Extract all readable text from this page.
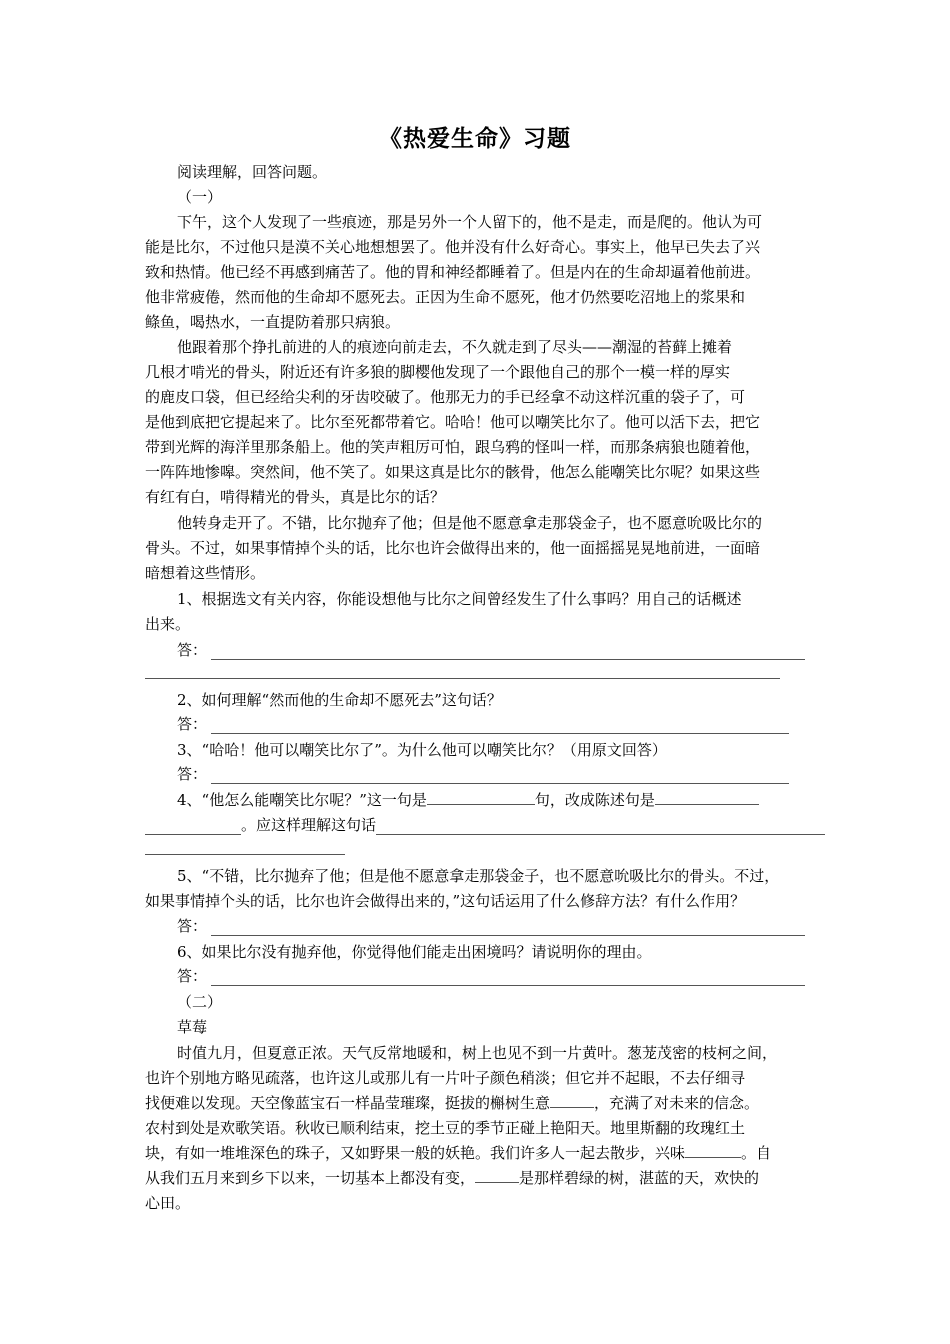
《热爱生命》习题
阅读理解，回答问题。
（一）
下午，这个人发现了一些痕迹，那是另外一个人留下的，他不是走，而是爬的。他认为可
能是比尔，不过他只是漠不关心地想想罢了。他并没有什么好奇心。事实上，他早已失去了兴
致和热情。他已经不再感到痛苦了。他的胃和神经都睡着了。但是内在的生命却逼着他前进。
他非常疲倦，然而他的生命却不愿死去。正因为生命不愿死，他才仍然要吃沼地上的浆果和
鲦鱼，喝热水，一直提防着那只病狼。
他跟着那个挣扎前进的人的痕迹向前走去，不久就走到了尽头——潮湿的苔藓上摊着
几根才啃光的骨头，附近还有许多狼的脚樱他发现了一个跟他自己的那个一模一样的厚实
的鹿皮口袋，但已经给尖利的牙齿咬破了。他那无力的手已经拿不动这样沉重的袋子了，可
是他到底把它提起来了。比尔至死都带着它。哈哈！他可以嘲笑比尔了。他可以活下去，把它
带到光辉的海洋里那条船上。他的笑声粗厉可怕，跟乌鸦的怪叫一样，而那条病狼也随着他，
一阵阵地惨嗥。突然间，他不笑了。如果这真是比尔的骸骨，他怎么能嘲笑比尔呢？如果这些
有红有白，啃得精光的骨头，真是比尔的话？
他转身走开了。不错，比尔抛弃了他；但是他不愿意拿走那袋金子，也不愿意吮吸比尔的
骨头。不过，如果事情掉个头的话，比尔也许会做得出来的，他一面摇摇晃晃地前进，一面暗
暗想着这些情形。
1、根据选文有关内容，你能设想他与比尔之间曾经发生了什么事吗？用自己的话概述
出来。
答：
2、如何理解“然而他的生命却不愿死去”这句话？
答：
3、“哈哈！他可以嘲笑比尔了”。为什么他可以嘲笑比尔？（用原文回答）
答：
4、“他怎么能嘲笑比尔呢？”这一句是	句，改成陈述句是
。应这样理解这句话
5、“不错，比尔抛弃了他；但是他不愿意拿走那袋金子，也不愿意吮吸比尔的骨头。不过，
如果事情掉个头的话，比尔也许会做得出来的，”这句话运用了什么修辞方法？有什么作用？
答：
6、如果比尔没有抛弃他，你觉得他们能走出困境吗？请说明你的理由。
答：
（二）
草莓
时值九月，但夏意正浓。天气反常地暖和，树上也见不到一片黄叶。葱茏茂密的枝柯之间，
也许个别地方略见疏落，也许这儿或那儿有一片叶子颜色稍淡；但它并不起眼，不去仔细寻
找便难以发现。天空像蓝宝石一样晶莹璀璨，挺拔的槲树生意	，充满了对未来的信念。
农村到处是欢歌笑语。秋收已顺利结束，挖土豆的季节正碰上艳阳天。地里斯翻的玫瑰红土
块，有如一堆堆深色的珠子，又如野果一般的妖艳。我们许多人一起去散步，兴味	。自
从我们五月来到乡下以来，一切基本上都没有变，	是那样碧绿的树，湛蓝的天，欢快的
心田。
